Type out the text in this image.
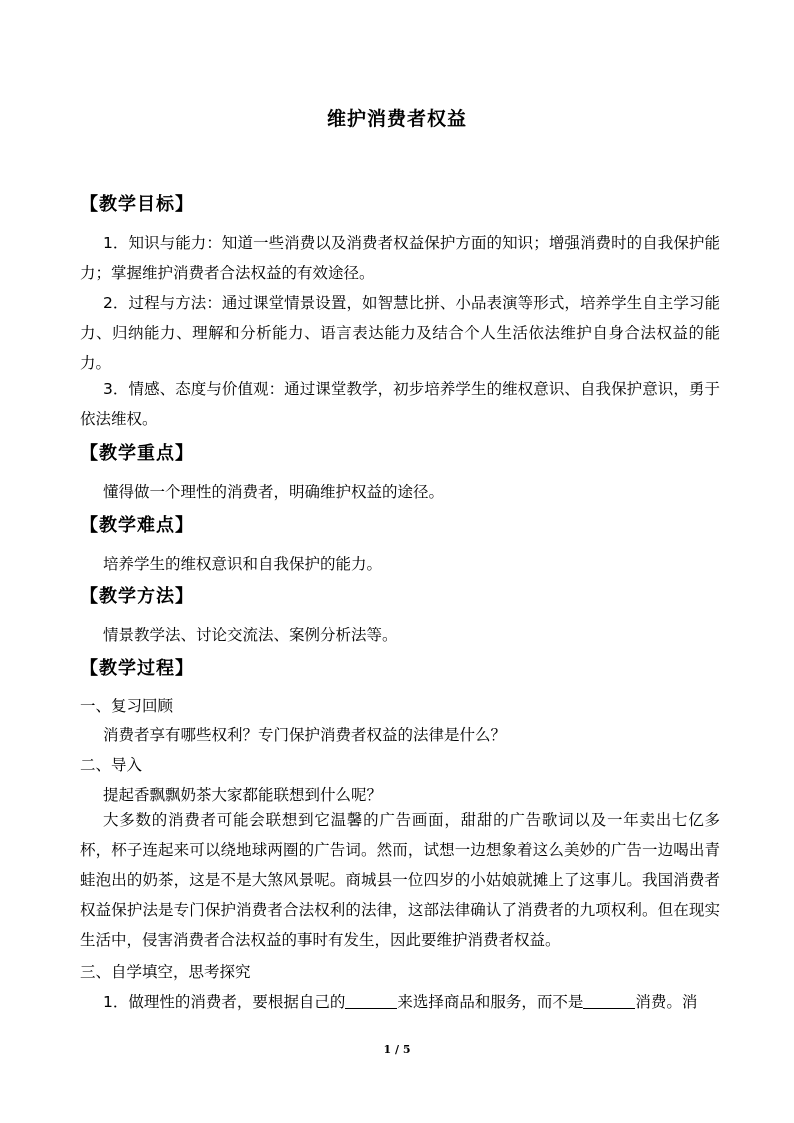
维护消费者权益
【教学目标】
1．知识与能力：知道一些消费以及消费者权益保护方面的知识；增强消费时的自我保护能力；掌握维护消费者合法权益的有效途径。
2．过程与方法：通过课堂情景设置，如智慧比拼、小品表演等形式，培养学生自主学习能力、归纳能力、理解和分析能力、语言表达能力及结合个人生活依法维护自身合法权益的能力。
3．情感、态度与价值观：通过课堂教学，初步培养学生的维权意识、自我保护意识，勇于依法维权。
【教学重点】
懂得做一个理性的消费者，明确维护权益的途径。
【教学难点】
培养学生的维权意识和自我保护的能力。
【教学方法】
情景教学法、讨论交流法、案例分析法等。
【教学过程】
一、复习回顾
消费者享有哪些权利？专门保护消费者权益的法律是什么？
二、导入
提起香飘飘奶茶大家都能联想到什么呢？
大多数的消费者可能会联想到它温馨的广告画面，甜甜的广告歌词以及一年卖出七亿多杯，杯子连起来可以绕地球两圈的广告词。然而，试想一边想象着这么美妙的广告一边喝出青蛙泡出的奶茶，这是不是大煞风景呢。商城县一位四岁的小姑娘就摊上了这事儿。我国消费者权益保护法是专门保护消费者合法权利的法律，这部法律确认了消费者的九项权利。但在现实生活中，侵害消费者合法权益的事时有发生，因此要维护消费者权益。
三、自学填空，思考探究
1．做理性的消费者，要根据自己的	来选择商品和服务，而不是	消费。消
1 / 5
